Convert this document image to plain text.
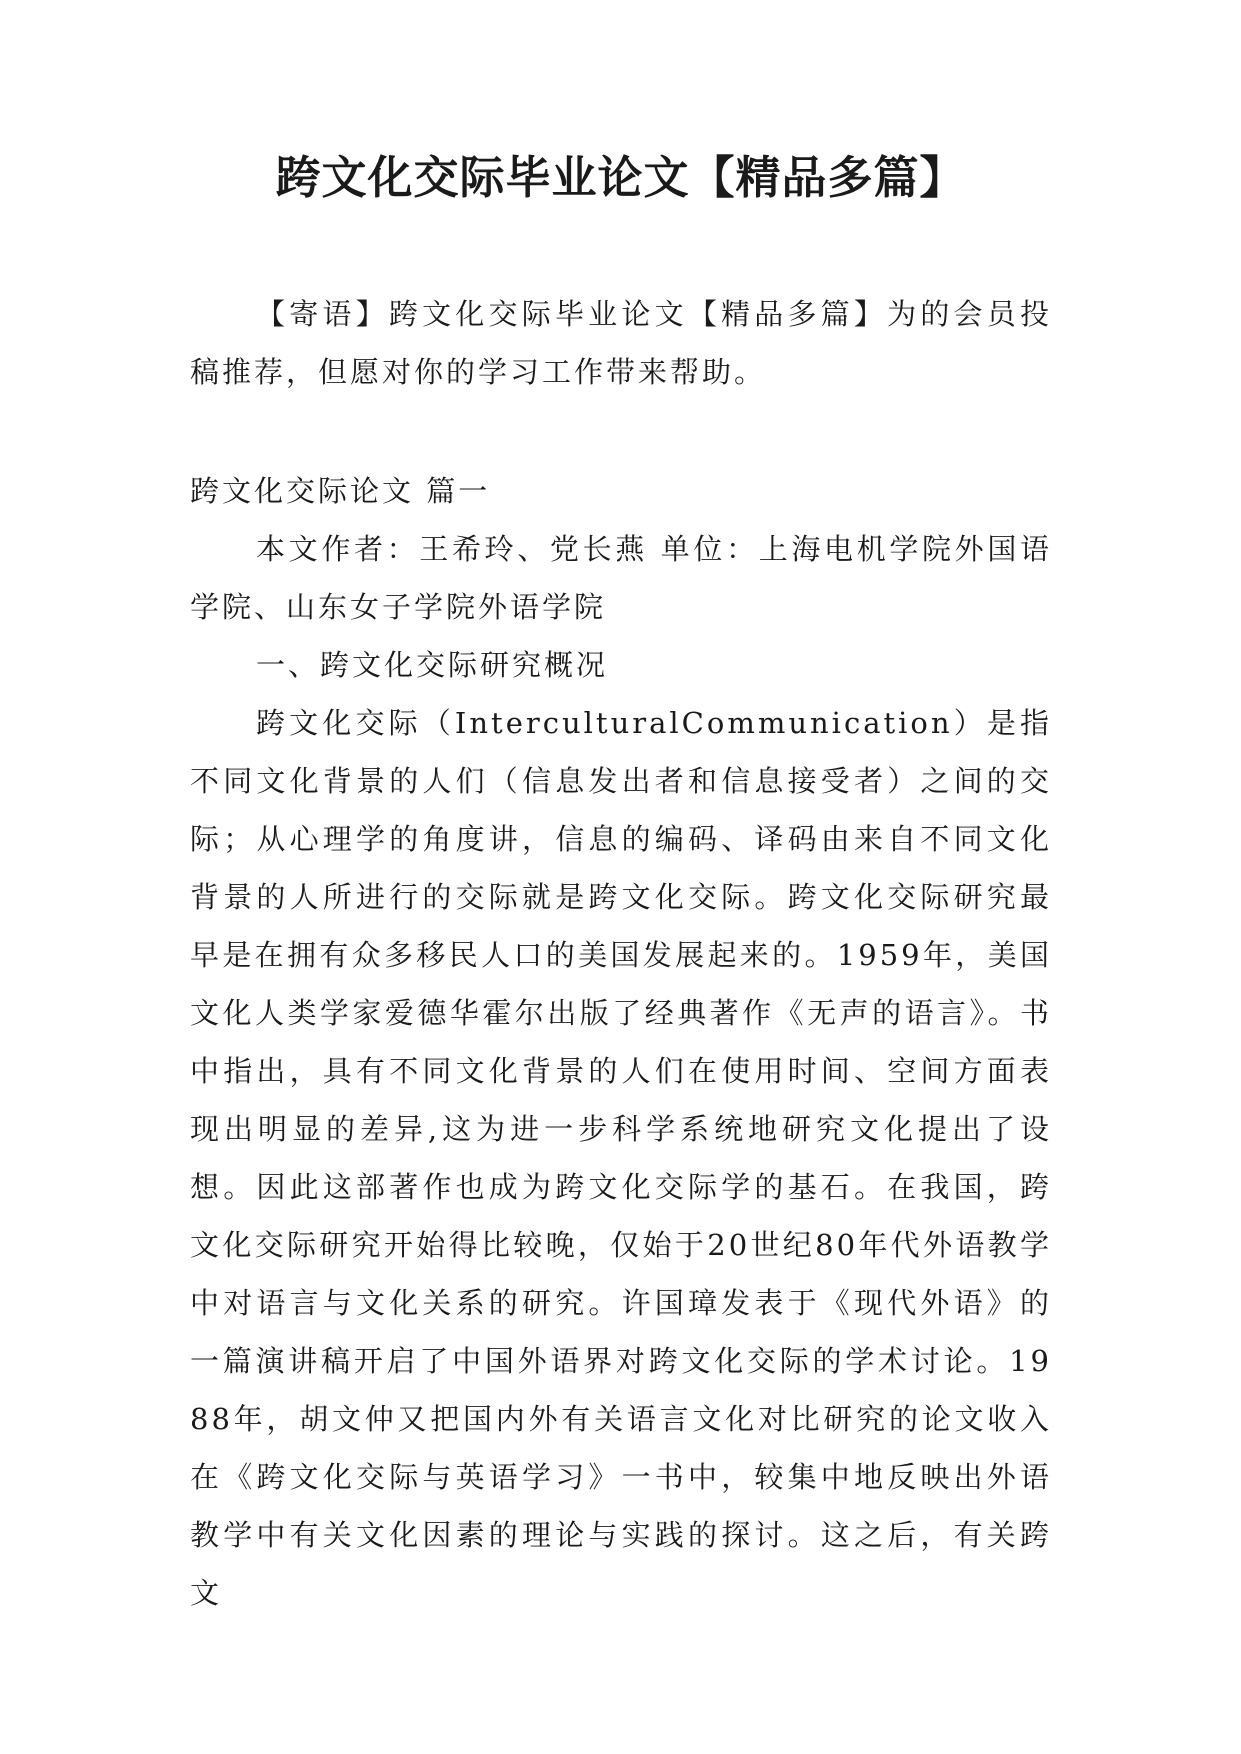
跨文化交际毕业论文【精品多篇】

【寄语】跨文化交际毕业论文【精品多篇】为的会员投稿推荐，但愿对你的学习工作带来帮助。

跨文化交际论文 篇一

本文作者：王希玲、党长燕 单位：上海电机学院外国语学院、山东女子学院外语学院

一、跨文化交际研究概况

跨文化交际（InterculturalCommunication）是指不同文化背景的人们（信息发出者和信息接受者）之间的交际；从心理学的角度讲，信息的编码、译码由来自不同文化背景的人所进行的交际就是跨文化交际。跨文化交际研究最早是在拥有众多移民人口的美国发展起来的。1959年，美国文化人类学家爱德华霍尔出版了经典著作《无声的语言》。书中指出，具有不同文化背景的人们在使用时间、空间方面表现出明显的差异,这为进一步科学系统地研究文化提出了设想。因此这部著作也成为跨文化交际学的基石。在我国，跨文化交际研究开始得比较晚，仅始于20世纪80年代外语教学中对语言与文化关系的研究。许国璋发表于《现代外语》的一篇演讲稿开启了中国外语界对跨文化交际的学术讨论。1988年，胡文仲又把国内外有关语言文化对比研究的论文收入在《跨文化交际与英语学习》一书中，较集中地反映出外语教学中有关文化因素的理论与实践的探讨。这之后，有关跨文
